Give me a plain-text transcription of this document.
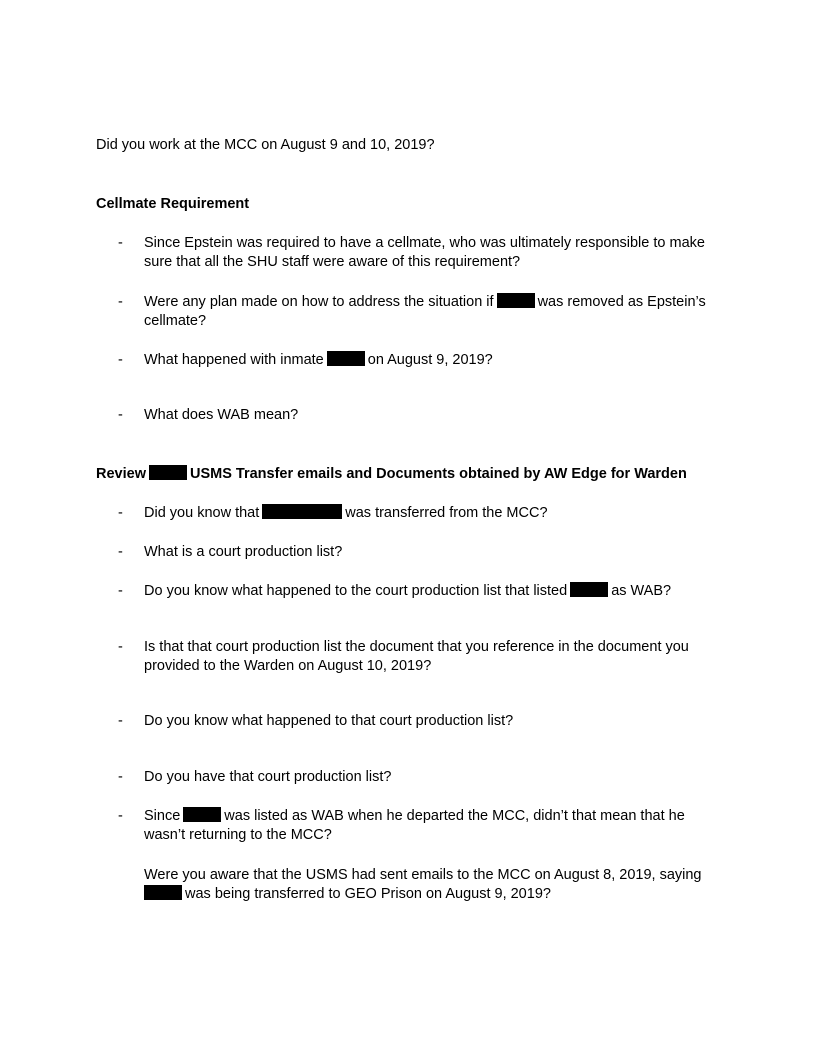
Did you work at the MCC on August 9 and 10, 2019?
Cellmate Requirement
- Since Epstein was required to have a cellmate, who was ultimately responsible to make
sure that all the SHU staff were aware of this requirement?
- Were any plan made on how to address the situation if	was removed as Epstein’s
cellmate?
- What happened with inmate	on August 9, 2019?
- What does WAB mean?
Review	USMS Transfer emails and Documents obtained by AW Edge for Warden
- Did you know that	was transferred from the MCC?
- What is a court production list?
- Do you know what happened to the court production list that listed	as WAB?
- Is that that court production list the document that you reference in the document you
provided to the Warden on August 10, 2019?
- Do you know what happened to that court production list?
- Do you have that court production list?
- Since	was listed as WAB when he departed the MCC, didn’t that mean that he
wasn’t returning to the MCC?
Were you aware that the USMS had sent emails to the MCC on August 8, 2019, saying
was being transferred to GEO Prison on August 9, 2019?
